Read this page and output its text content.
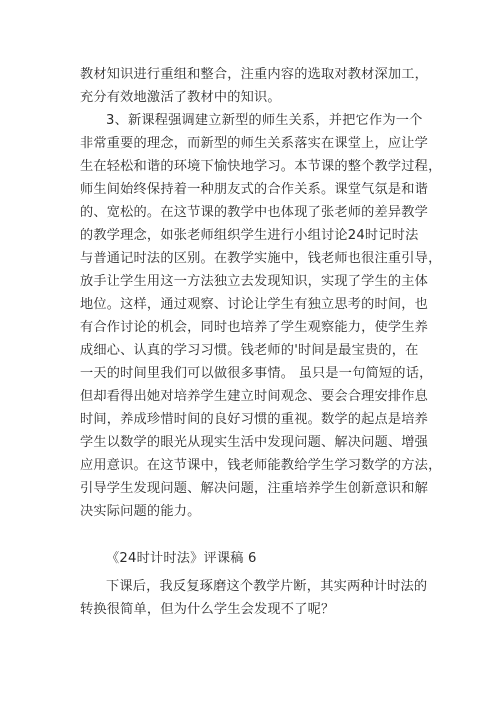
教材知识进行重组和整合，注重内容的选取对教材深加工，
充分有效地激活了教材中的知识。
3、新课程强调建立新型的师生关系，并把它作为一个
非常重要的理念，而新型的师生关系落实在课堂上，应让学
生在轻松和谐的环境下愉快地学习。本节课的整个教学过程，
师生间始终保持着一种朋友式的合作关系。课堂气氛是和谐
的、宽松的。在这节课的教学中也体现了张老师的差异教学
的教学理念，如张老师组织学生进行小组讨论24时记时法
与普通记时法的区别。在教学实施中，钱老师也很注重引导，
放手让学生用这一方法独立去发现知识，实现了学生的主体
地位。这样，通过观察、讨论让学生有独立思考的时间，也
有合作讨论的机会，同时也培养了学生观察能力，使学生养
成细心、认真的学习习惯。钱老师的'时间是最宝贵的，在
一天的时间里我们可以做很多事情。 虽只是一句简短的话，
但却看得出她对培养学生建立时间观念、要会合理安排作息
时间，养成珍惜时间的良好习惯的重视。数学的起点是培养
学生以数学的眼光从现实生活中发现问题、解决问题、增强
应用意识。在这节课中，钱老师能教给学生学习数学的方法，
引导学生发现问题、解决问题，注重培养学生创新意识和解
决实际问题的能力。
《24时计时法》评课稿 6
下课后，我反复琢磨这个教学片断，其实两种计时法的
转换很简单，但为什么学生会发现不了呢？
